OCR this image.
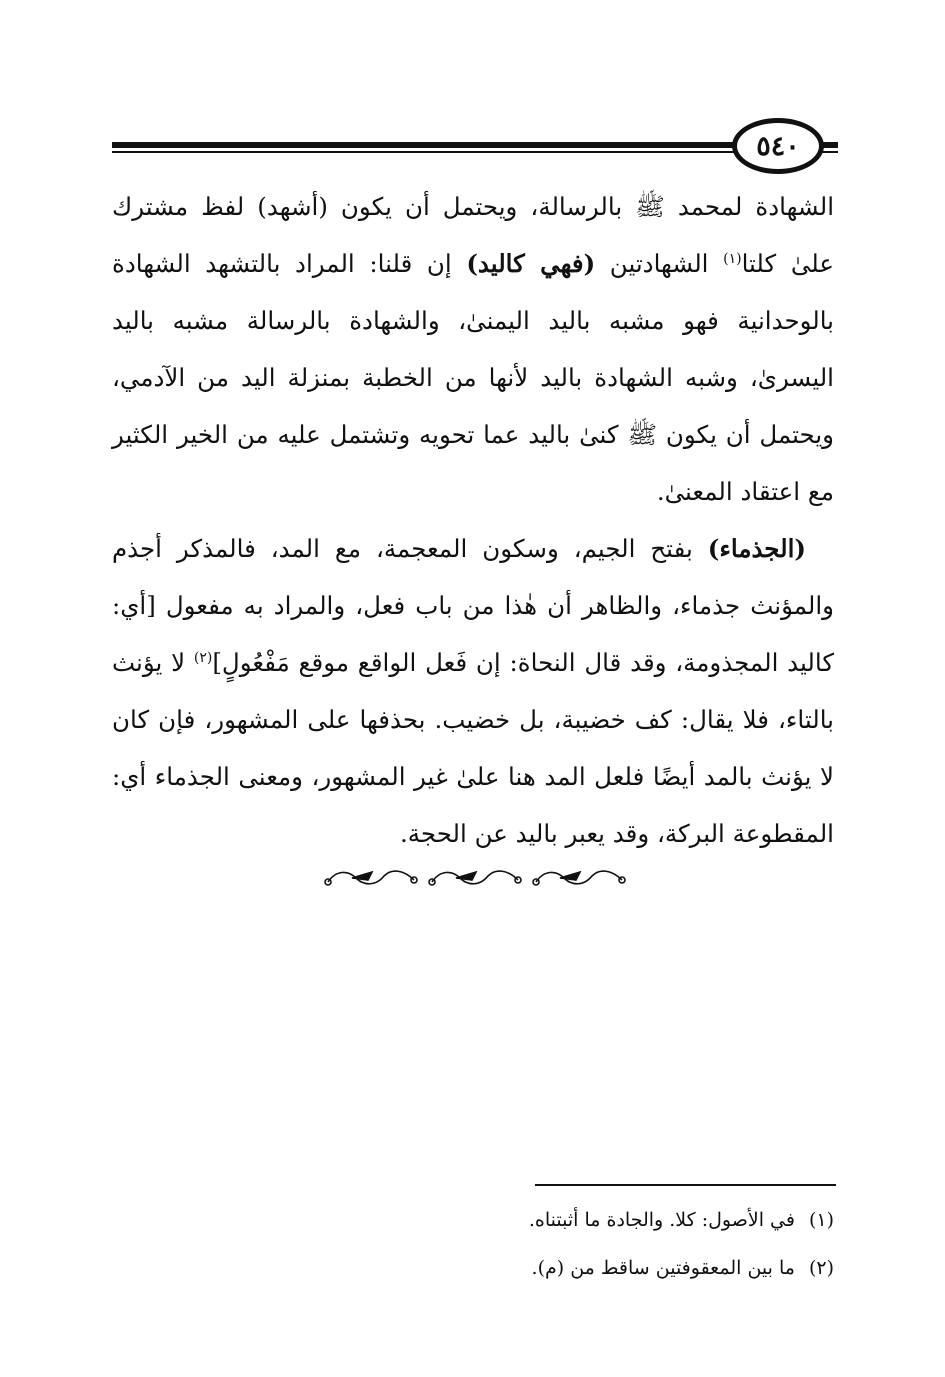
٥٤٠

الشهادة لمحمد ﷺ بالرسالة، ويحتمل أن يكون (أشهد) لفظ مشترك علىٰ كلتا$^{(١)}$ الشهادتين (فهي كاليد) إن قلنا: المراد بالتشهد الشهادة بالوحدانية فهو مشبه باليد اليمنىٰ، والشهادة بالرسالة مشبه باليد اليسرىٰ، وشبه الشهادة باليد لأنها من الخطبة بمنزلة اليد من الآدمي، ويحتمل أن يكون ﷺ كنىٰ باليد عما تحويه وتشتمل عليه من الخير الكثير مع اعتقاد المعنىٰ.

(الجذماء) بفتح الجيم، وسكون المعجمة، مع المد، فالمذكر أجذم والمؤنث جذماء، والظاهر أن هٰذا من باب فعل، والمراد به مفعول [أي: كاليد المجذومة، وقد قال النحاة: إن فَعل الواقع موقع مَفْعُولٍ]$^{(٢)}$ لا يؤنث بالتاء، فلا يقال: كف خضيبة، بل خضيب. بحذفها على المشهور، فإن كان لا يؤنث بالمد أيضًا فلعل المد هنا علىٰ غير المشهور، ومعنى الجذماء أي: المقطوعة البركة، وقد يعبر باليد عن الحجة.

(١)في الأصول: كلا. والجادة ما أثبتناه.

(٢)ما بين المعقوفتين ساقط من (م).
